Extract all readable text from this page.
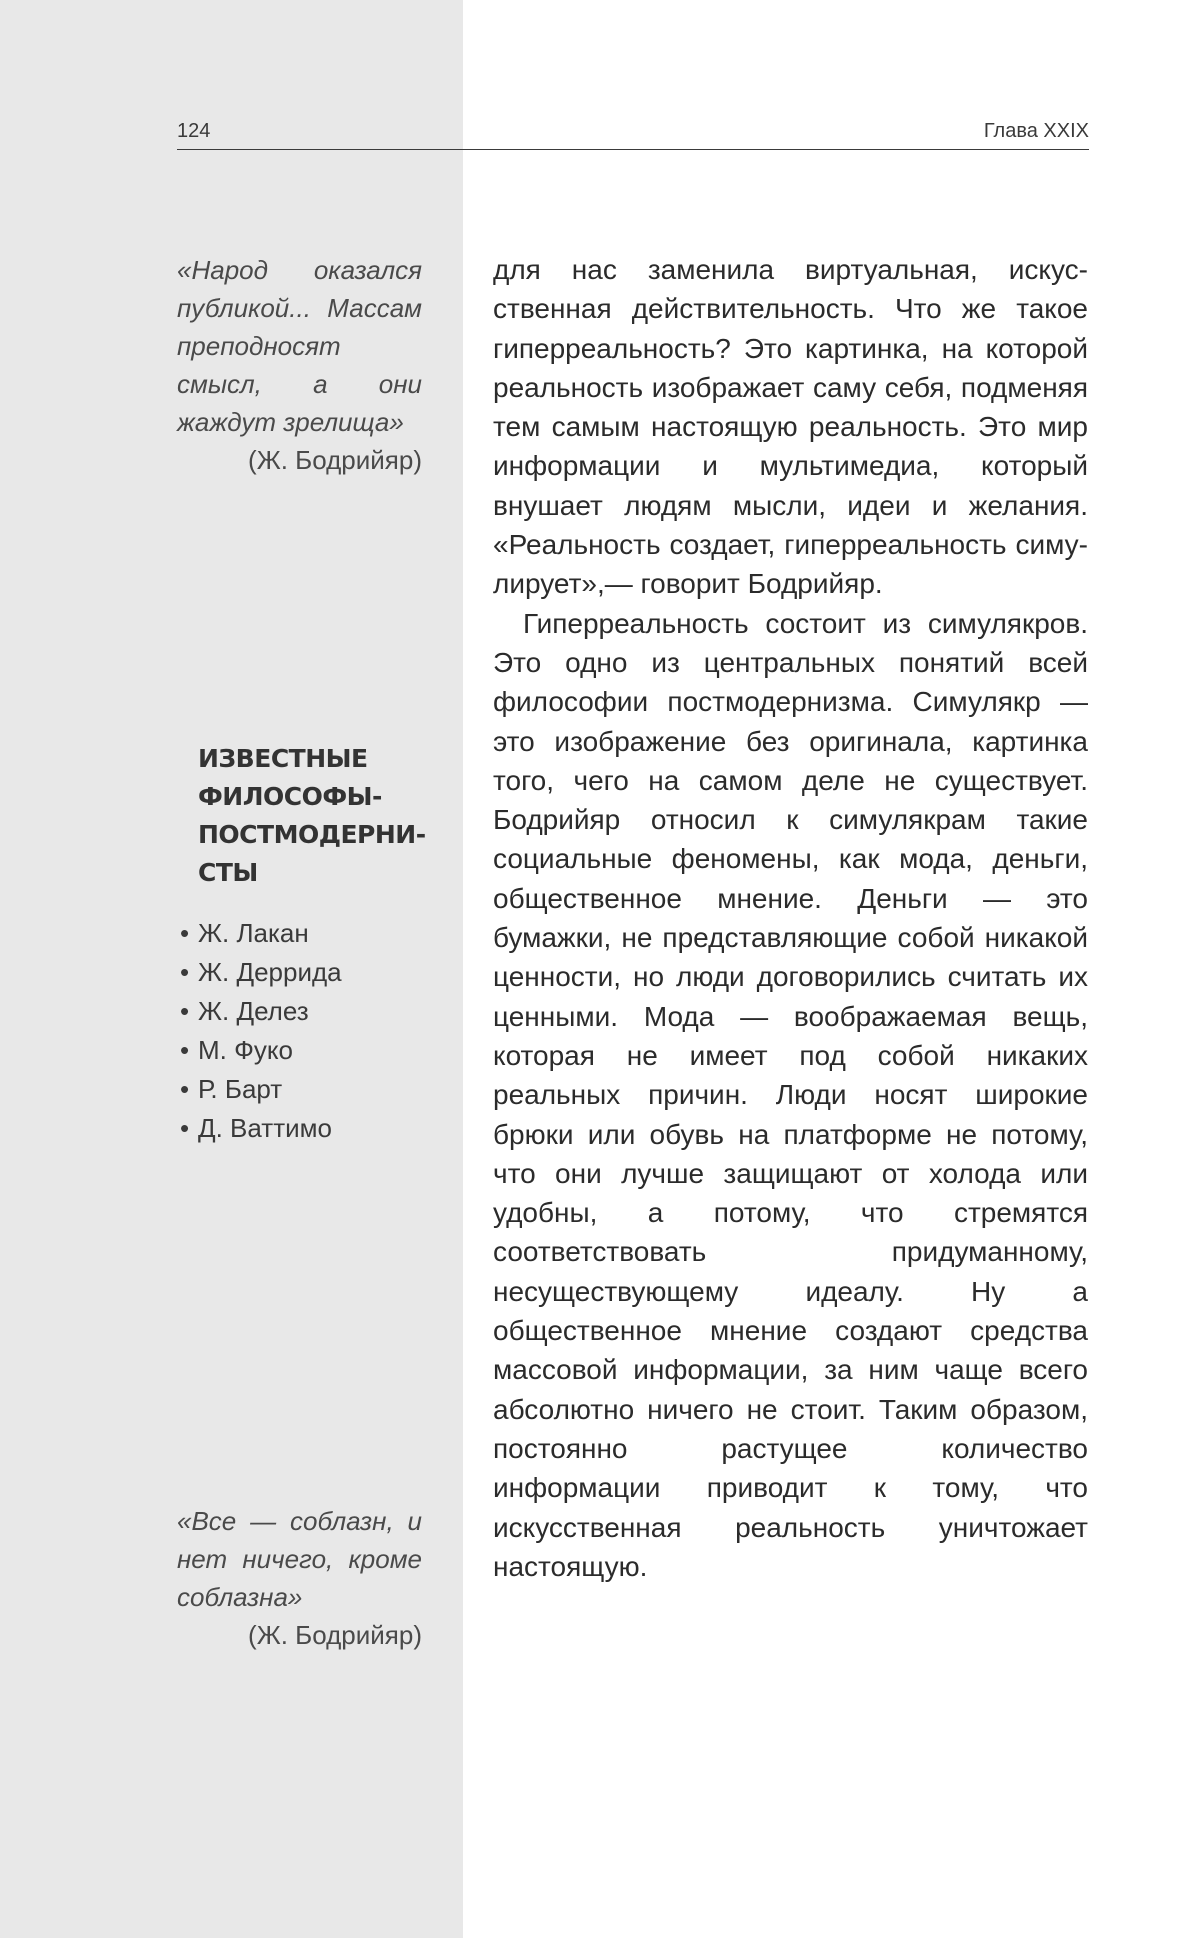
124	Глава XXIX
«Народ оказался публикой... Массам преподносят смысл, а они жаждут зрелища»
(Ж. Бодрийяр)
ИЗВЕСТНЫЕ ФИЛОСОФЫ-ПОСТМОДЕРНИСТЫ
• Ж. Лакан
• Ж. Деррида
• Ж. Делез
• М. Фуко
• Р. Барт
• Д. Ваттимо
«Все — соблазн, и нет ничего, кроме соблазна»
(Ж. Бодрийяр)

для нас заменила виртуальная, искусственная действительность. Что же такое гиперреальность? Это картинка, на которой реальность изображает саму себя, подменяя тем самым настоящую реальность. Это мир информации и мультимедиа, который внушает людям мысли, идеи и желания. «Реальность создает, гиперреальность симулирует»,— говорит Бодрийяр.

Гиперреальность состоит из симулякров. Это одно из центральных понятий всей философии постмодернизма. Симулякр — это изображение без оригинала, картинка того, чего на самом деле не существует. Бодрийяр относил к симулякрам такие социальные феномены, как мода, деньги, общественное мнение. Деньги — это бумажки, не представляющие собой никакой ценности, но люди договорились считать их ценными. Мода — воображаемая вещь, которая не имеет под собой никаких реальных причин. Люди носят широкие брюки или обувь на платформе не потому, что они лучше защищают от холода или удобны, а потому, что стремятся соответствовать придуманному, несуществующему идеалу. Ну а общественное мнение создают средства массовой информации, за ним чаще всего абсолютно ничего не стоит. Таким образом, постоянно растущее количество информации приводит к тому, что искусственная реальность уничтожает настоящую.
